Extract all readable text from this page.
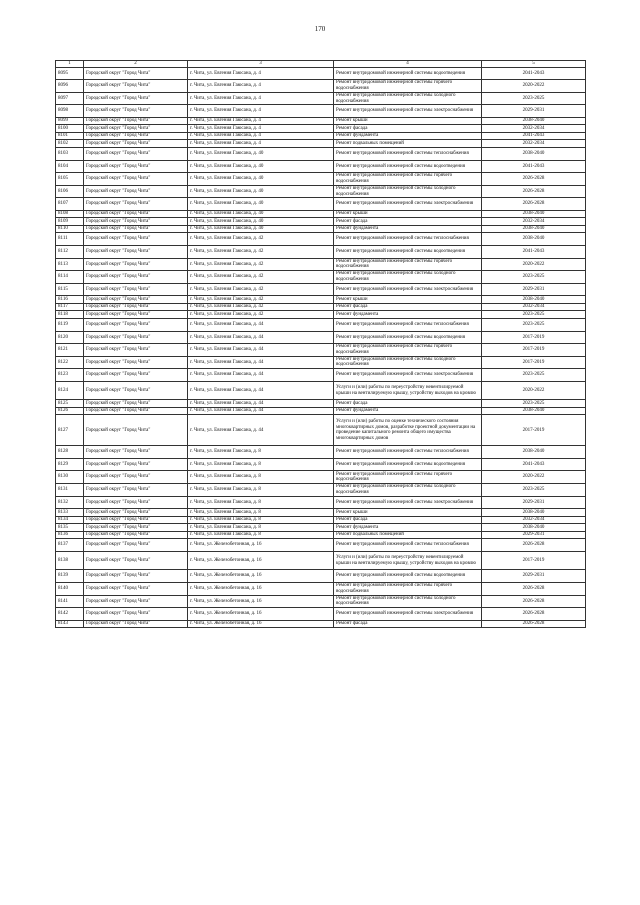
170
1	2	3	4	5
8095	Городской округ "Город Чита"	г. Чита, ул. Евгения Гаюсана, д. 4	Ремонт внутридомовой инженерной системы водоотведения	2041-2043
8096	Городской округ "Город Чита"	г. Чита, ул. Евгения Гаюсана, д. 4	Ремонт внутридомовой инженерной системы горячего водоснабжения	2020-2022
8097	Городской округ "Город Чита"	г. Чита, ул. Евгения Гаюсана, д. 4	Ремонт внутридомовой инженерной системы холодного водоснабжения	2023-2025
8098	Городской округ "Город Чита"	г. Чита, ул. Евгения Гаюсана, д. 4	Ремонт внутридомовой инженерной системы электроснабжения	2029-2031
8099	Городской округ "Город Чита"	г. Чита, ул. Евгения Гаюсана, д. 4	Ремонт крыши	2038-2040
8100	Городской округ "Город Чита"	г. Чита, ул. Евгения Гаюсана, д. 4	Ремонт фасада	2032-2034
8101	Городской округ "Город Чита"	г. Чита, ул. Евгения Гаюсана, д. 4	Ремонт фундамента	2041-2043
8102	Городской округ "Город Чита"	г. Чита, ул. Евгения Гаюсана, д. 4	Ремонт подвальных помещений	2032-2034
8103	Городской округ "Город Чита"	г. Чита, ул. Евгения Гаюсана, д. 40	Ремонт внутридомовой инженерной системы теплоснабжения	2038-2040
8104	Городской округ "Город Чита"	г. Чита, ул. Евгения Гаюсана, д. 40	Ремонт внутридомовой инженерной системы водоотведения	2041-2043
8105	Городской округ "Город Чита"	г. Чита, ул. Евгения Гаюсана, д. 40	Ремонт внутридомовой инженерной системы горячего водоснабжения	2026-2028
8106	Городской округ "Город Чита"	г. Чита, ул. Евгения Гаюсана, д. 40	Ремонт внутридомовой инженерной системы холодного водоснабжения	2026-2028
8107	Городской округ "Город Чита"	г. Чита, ул. Евгения Гаюсана, д. 40	Ремонт внутридомовой инженерной системы электроснабжения	2026-2028
8108	Городской округ "Город Чита"	г. Чита, ул. Евгения Гаюсана, д. 40	Ремонт крыши	2038-2040
8109	Городской округ "Город Чита"	г. Чита, ул. Евгения Гаюсана, д. 40	Ремонт фасада	2032-2034
8110	Городской округ "Город Чита"	г. Чита, ул. Евгения Гаюсана, д. 40	Ремонт фундамента	2038-2040
8111	Городской округ "Город Чита"	г. Чита, ул. Евгения Гаюсана, д. 42	Ремонт внутридомовой инженерной системы теплоснабжения	2038-2040
8112	Городской округ "Город Чита"	г. Чита, ул. Евгения Гаюсана, д. 42	Ремонт внутридомовой инженерной системы водоотведения	2041-2043
8113	Городской округ "Город Чита"	г. Чита, ул. Евгения Гаюсана, д. 42	Ремонт внутридомовой инженерной системы горячего водоснабжения	2020-2022
8114	Городской округ "Город Чита"	г. Чита, ул. Евгения Гаюсана, д. 42	Ремонт внутридомовой инженерной системы холодного водоснабжения	2023-2025
8115	Городской округ "Город Чита"	г. Чита, ул. Евгения Гаюсана, д. 42	Ремонт внутридомовой инженерной системы электроснабжения	2029-2031
8116	Городской округ "Город Чита"	г. Чита, ул. Евгения Гаюсана, д. 42	Ремонт крыши	2038-2040
8117	Городской округ "Город Чита"	г. Чита, ул. Евгения Гаюсана, д. 42	Ремонт фасада	2032-2034
8118	Городской округ "Город Чита"	г. Чита, ул. Евгения Гаюсана, д. 42	Ремонт фундамента	2023-2025
8119	Городской округ "Город Чита"	г. Чита, ул. Евгения Гаюсана, д. 44	Ремонт внутридомовой инженерной системы теплоснабжения	2023-2025
8120	Городской округ "Город Чита"	г. Чита, ул. Евгения Гаюсана, д. 44	Ремонт внутридомовой инженерной системы водоотведения	2017-2019
8121	Городской округ "Город Чита"	г. Чита, ул. Евгения Гаюсана, д. 44	Ремонт внутридомовой инженерной системы горячего водоснабжения	2017-2019
8122	Городской округ "Город Чита"	г. Чита, ул. Евгения Гаюсана, д. 44	Ремонт внутридомовой инженерной системы холодного водоснабжения	2017-2019
8123	Городской округ "Город Чита"	г. Чита, ул. Евгения Гаюсана, д. 44	Ремонт внутридомовой инженерной системы электроснабжения	2023-2025
8124	Городской округ "Город Чита"	г. Чита, ул. Евгения Гаюсана, д. 44	Услуги и (или) работы по переустройству невентилируемой крыши на вентилируемую крышу, устройству выходов на кровлю	2020-2022
8125	Городской округ "Город Чита"	г. Чита, ул. Евгения Гаюсана, д. 44	Ремонт фасада	2023-2025
8126	Городской округ "Город Чита"	г. Чита, ул. Евгения Гаюсана, д. 44	Ремонт фундамента	2038-2040
8127	Городской округ "Город Чита"	г. Чита, ул. Евгения Гаюсана, д. 44	Услуги и (или) работы по оценке технического состояния многоквартирных домов, разработке проектной документации на проведение капитального ремонта общего имущества многоквартирных домов	2017-2019
8128	Городской округ "Город Чита"	г. Чита, ул. Евгения Гаюсана, д. 8	Ремонт внутридомовой инженерной системы теплоснабжения	2038-2040
8129	Городской округ "Город Чита"	г. Чита, ул. Евгения Гаюсана, д. 8	Ремонт внутридомовой инженерной системы водоотведения	2041-2043
8130	Городской округ "Город Чита"	г. Чита, ул. Евгения Гаюсана, д. 8	Ремонт внутридомовой инженерной системы горячего водоснабжения	2020-2022
8131	Городской округ "Город Чита"	г. Чита, ул. Евгения Гаюсана, д. 8	Ремонт внутридомовой инженерной системы холодного водоснабжения	2023-2025
8132	Городской округ "Город Чита"	г. Чита, ул. Евгения Гаюсана, д. 8	Ремонт внутридомовой инженерной системы электроснабжения	2029-2031
8133	Городской округ "Город Чита"	г. Чита, ул. Евгения Гаюсана, д. 8	Ремонт крыши	2038-2040
8134	Городской округ "Город Чита"	г. Чита, ул. Евгения Гаюсана, д. 8	Ремонт фасада	2032-2034
8135	Городской округ "Город Чита"	г. Чита, ул. Евгения Гаюсана, д. 8	Ремонт фундамента	2038-2040
8136	Городской округ "Город Чита"	г. Чита, ул. Евгения Гаюсана, д. 8	Ремонт подвальных помещений	2029-2031
8137	Городской округ "Город Чита"	г. Чита, ул. Железобетонная, д. 16	Ремонт внутридомовой инженерной системы теплоснабжения	2026-2028
8138	Городской округ "Город Чита"	г. Чита, ул. Железобетонная, д. 16	Услуги и (или) работы по переустройству невентилируемой крыши на вентилируемую крышу, устройству выходов на кровлю	2017-2019
8139	Городской округ "Город Чита"	г. Чита, ул. Железобетонная, д. 16	Ремонт внутридомовой инженерной системы водоотведения	2029-2031
8140	Городской округ "Город Чита"	г. Чита, ул. Железобетонная, д. 16	Ремонт внутридомовой инженерной системы горячего водоснабжения	2026-2028
8141	Городской округ "Город Чита"	г. Чита, ул. Железобетонная, д. 16	Ремонт внутридомовой инженерной системы холодного водоснабжения	2026-2028
8142	Городской округ "Город Чита"	г. Чита, ул. Железобетонная, д. 16	Ремонт внутридомовой инженерной системы электроснабжения	2026-2028
8143	Городской округ "Город Чита"	г. Чита, ул. Железобетонная, д. 16	Ремонт фасада	2026-2028
